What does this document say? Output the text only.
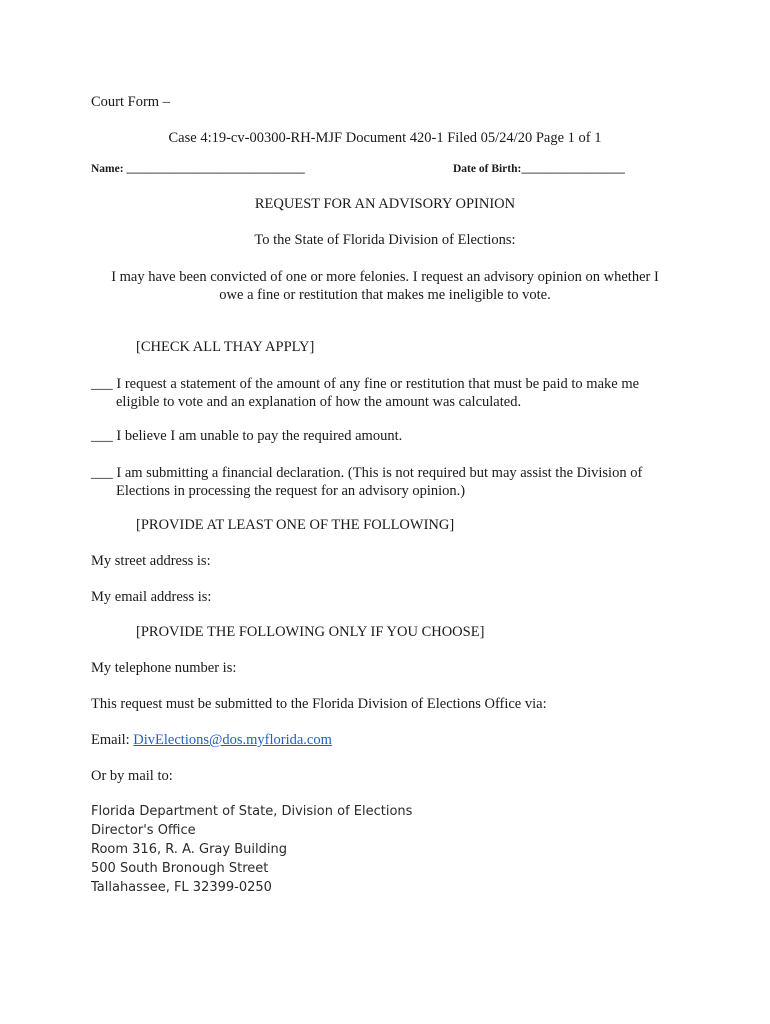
Court Form –
Case 4:19-cv-00300-RH-MJF Document 420-1 Filed 05/24/20 Page 1 of 1
Name: _______________________________	Date of Birth:__________________
REQUEST FOR AN ADVISORY OPINION
To the State of Florida Division of Elections:
I may have been convicted of one or more felonies. I request an advisory opinion on whether I
owe a fine or restitution that makes me ineligible to vote.
[CHECK ALL THAY APPLY]
___ I request a statement of the amount of any fine or restitution that must be paid to make me
eligible to vote and an explanation of how the amount was calculated.
___ I believe I am unable to pay the required amount.
___ I am submitting a financial declaration. (This is not required but may assist the Division of
Elections in processing the request for an advisory opinion.)
[PROVIDE AT LEAST ONE OF THE FOLLOWING]
My street address is:
My email address is:
[PROVIDE THE FOLLOWING ONLY IF YOU CHOOSE]
My telephone number is:
This request must be submitted to the Florida Division of Elections Office via:
Email: DivElections@dos.myflorida.com
Or by mail to:
Florida Department of State, Division of Elections
Director's Office
Room 316, R. A. Gray Building
500 South Bronough Street
Tallahassee, FL 32399-0250
